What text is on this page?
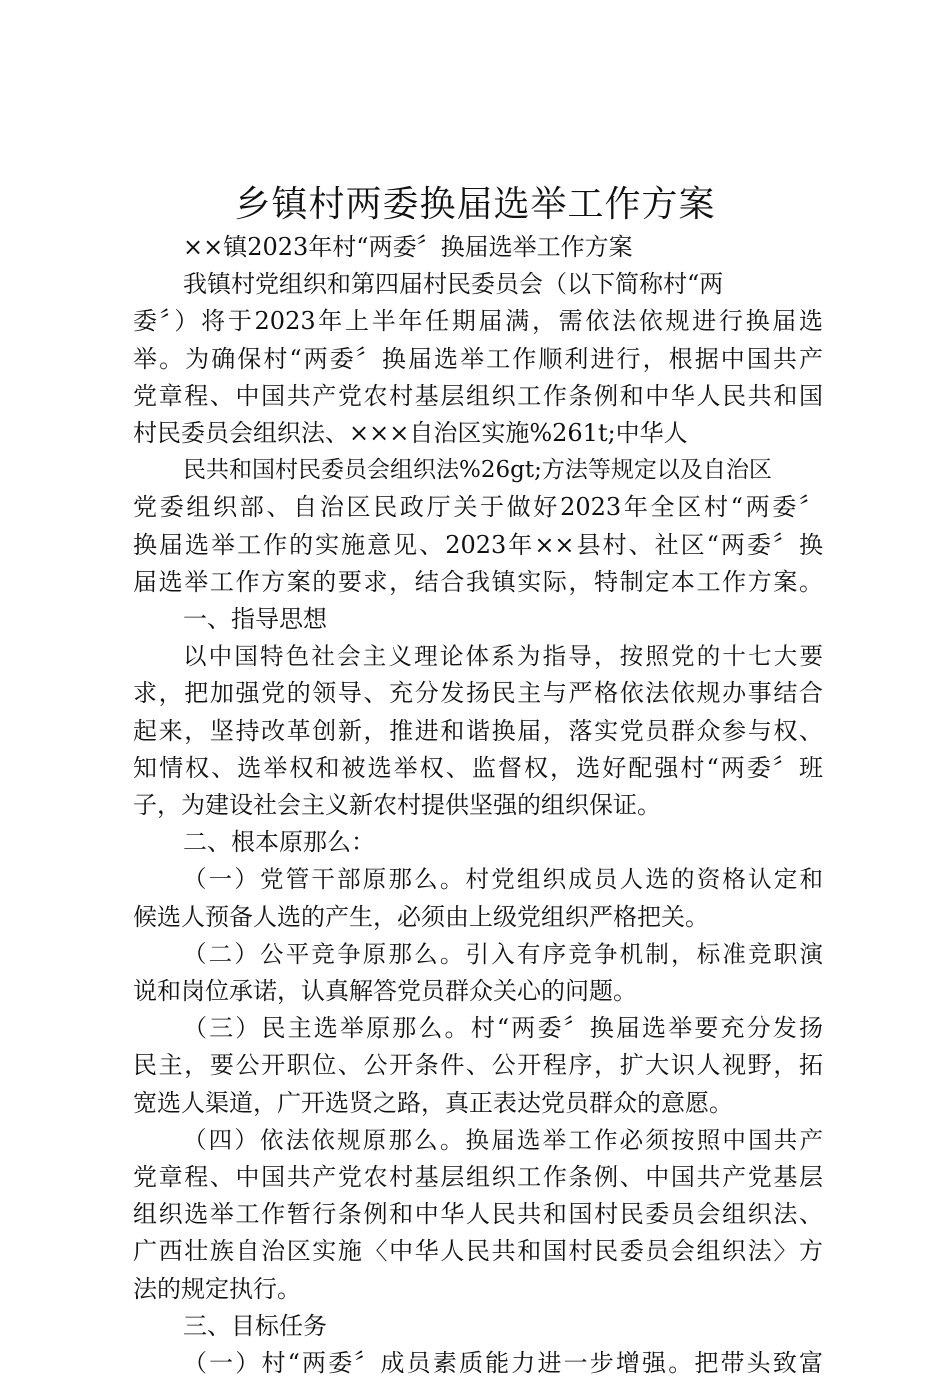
乡镇村两委换届选举工作方案

××镇2023年村“两委〞换届选举工作方案

我镇村党组织和第四届村民委员会（以下简称村“两

委〞）将于2023年上半年任期届满，需依法依规进行换届选

举。为确保村“两委〞换届选举工作顺利进行，根据中国共产

党章程、中国共产党农村基层组织工作条例和中华人民共和国

村民委员会组织法、×××自治区实施%261t;中华人

民共和国村民委员会组织法%26gt;方法等规定以及自治区

党委组织部、自治区民政厅关于做好2023年全区村“两委〞

换届选举工作的实施意见、2023年××县村、社区“两委〞换

届选举工作方案的要求，结合我镇实际，特制定本工作方案。

一、指导思想

以中国特色社会主义理论体系为指导，按照党的十七大要

求，把加强党的领导、充分发扬民主与严格依法依规办事结合

起来，坚持改革创新，推进和谐换届，落实党员群众参与权、

知情权、选举权和被选举权、监督权，选好配强村“两委〞班

子，为建设社会主义新农村提供坚强的组织保证。

二、根本原那么：

（一）党管干部原那么。村党组织成员人选的资格认定和

候选人预备人选的产生，必须由上级党组织严格把关。

（二）公平竞争原那么。引入有序竞争机制，标准竞职演

说和岗位承诺，认真解答党员群众关心的问题。

（三）民主选举原那么。村“两委〞换届选举要充分发扬

民主，要公开职位、公开条件、公开程序，扩大识人视野，拓

宽选人渠道，广开选贤之路，真正表达党员群众的意愿。

（四）依法依规原那么。换届选举工作必须按照中国共产

党章程、中国共产党农村基层组织工作条例、中国共产党基层

组织选举工作暂行条例和中华人民共和国村民委员会组织法、

广西壮族自治区实施〈中华人民共和国村民委员会组织法〉方

法的规定执行。

三、目标任务

（一）村“两委〞成员素质能力进一步增强。把带头致富
